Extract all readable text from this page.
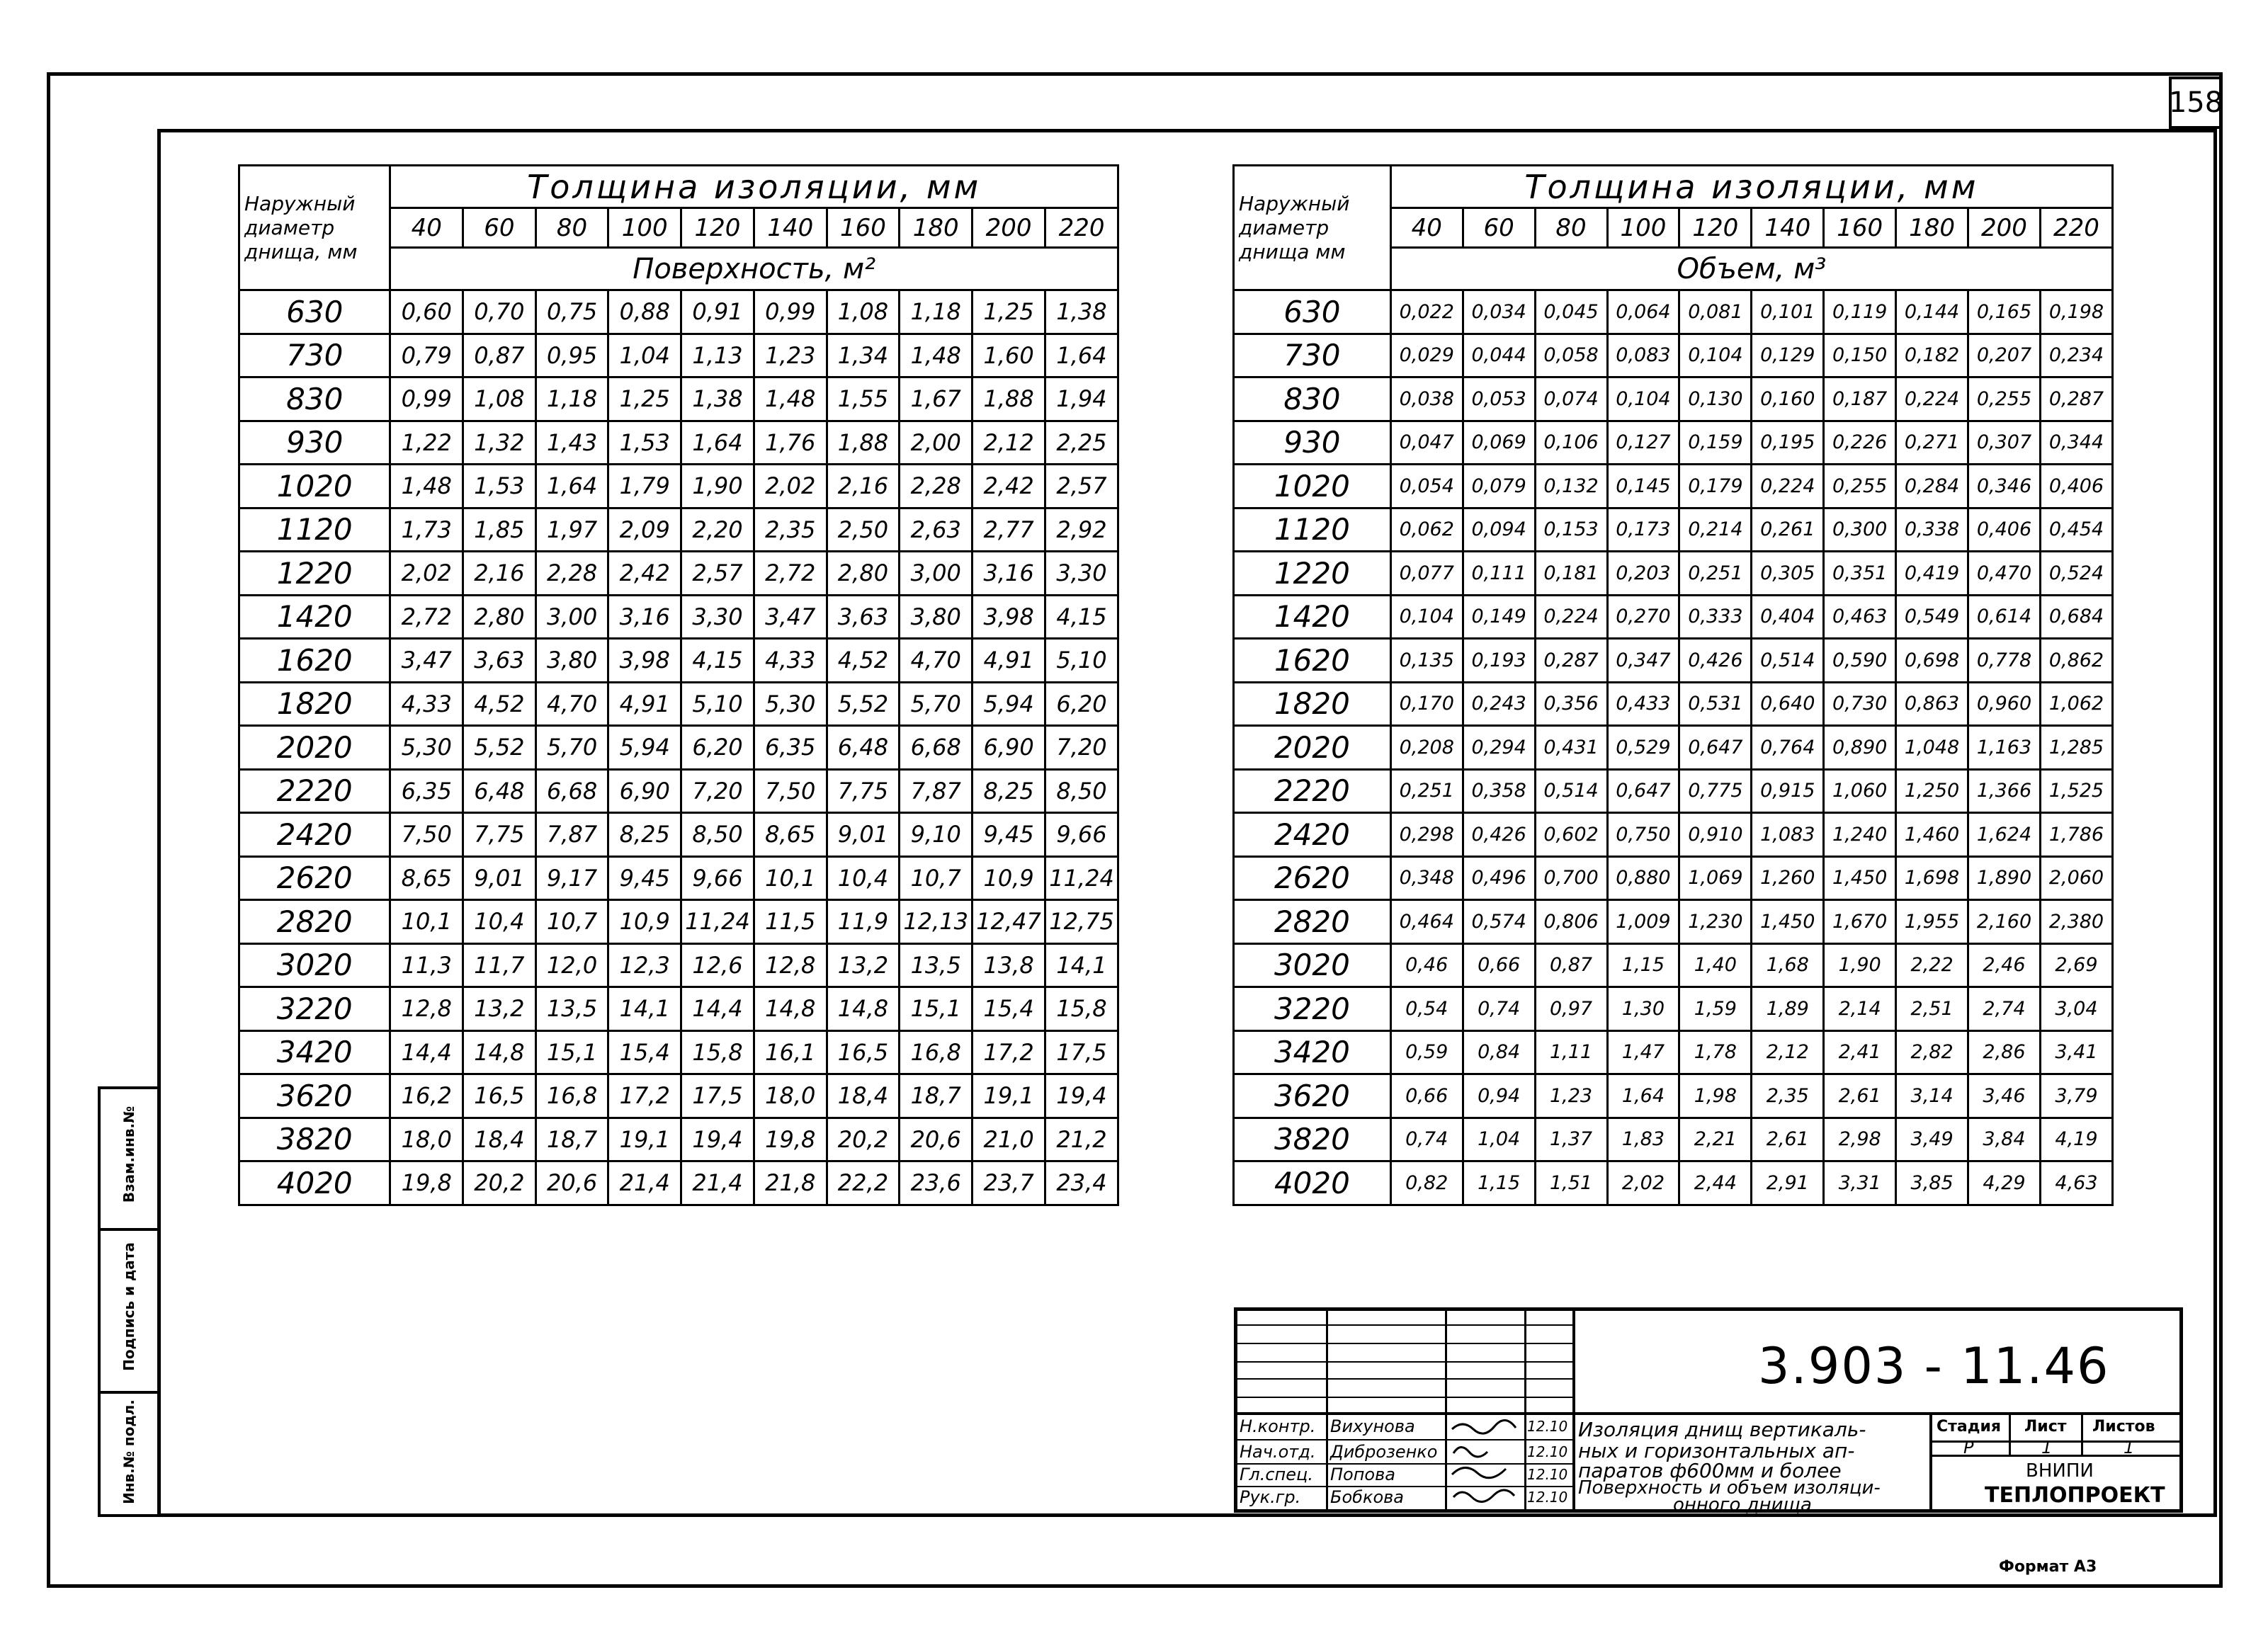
158
Взам.инв.№
Подпись и дата
Инв.№ подл.
Наружный диаметр днища, мм	Толщина изоляции, мм									
	40	60	80	100	120	140	160	180	200	220
	Поверхность, м²									
630	0,60	0,70	0,75	0,88	0,91	0,99	1,08	1,18	1,25	1,38
730	0,79	0,87	0,95	1,04	1,13	1,23	1,34	1,48	1,60	1,64
830	0,99	1,08	1,18	1,25	1,38	1,48	1,55	1,67	1,88	1,94
930	1,22	1,32	1,43	1,53	1,64	1,76	1,88	2,00	2,12	2,25
1020	1,48	1,53	1,64	1,79	1,90	2,02	2,16	2,28	2,42	2,57
1120	1,73	1,85	1,97	2,09	2,20	2,35	2,50	2,63	2,77	2,92
1220	2,02	2,16	2,28	2,42	2,57	2,72	2,80	3,00	3,16	3,30
1420	2,72	2,80	3,00	3,16	3,30	3,47	3,63	3,80	3,98	4,15
1620	3,47	3,63	3,80	3,98	4,15	4,33	4,52	4,70	4,91	5,10
1820	4,33	4,52	4,70	4,91	5,10	5,30	5,52	5,70	5,94	6,20
2020	5,30	5,52	5,70	5,94	6,20	6,35	6,48	6,68	6,90	7,20
2220	6,35	6,48	6,68	6,90	7,20	7,50	7,75	7,87	8,25	8,50
2420	7,50	7,75	7,87	8,25	8,50	8,65	9,01	9,10	9,45	9,66
2620	8,65	9,01	9,17	9,45	9,66	10,1	10,4	10,7	10,9	11,24
2820	10,1	10,4	10,7	10,9	11,24	11,5	11,9	12,13	12,47	12,75
3020	11,3	11,7	12,0	12,3	12,6	12,8	13,2	13,5	13,8	14,1
3220	12,8	13,2	13,5	14,1	14,4	14,8	14,8	15,1	15,4	15,8
3420	14,4	14,8	15,1	15,4	15,8	16,1	16,5	16,8	17,2	17,5
3620	16,2	16,5	16,8	17,2	17,5	18,0	18,4	18,7	19,1	19,4
3820	18,0	18,4	18,7	19,1	19,4	19,8	20,2	20,6	21,0	21,2
4020	19,8	20,2	20,6	21,4	21,4	21,8	22,2	23,6	23,7	23,4
Наружный диаметр днища мм	Толщина изоляции, мм									
	40	60	80	100	120	140	160	180	200	220
	Объем, м³									
630	0,022	0,034	0,045	0,064	0,081	0,101	0,119	0,144	0,165	0,198
730	0,029	0,044	0,058	0,083	0,104	0,129	0,150	0,182	0,207	0,234
830	0,038	0,053	0,074	0,104	0,130	0,160	0,187	0,224	0,255	0,287
930	0,047	0,069	0,106	0,127	0,159	0,195	0,226	0,271	0,307	0,344
1020	0,054	0,079	0,132	0,145	0,179	0,224	0,255	0,284	0,346	0,406
1120	0,062	0,094	0,153	0,173	0,214	0,261	0,300	0,338	0,406	0,454
1220	0,077	0,111	0,181	0,203	0,251	0,305	0,351	0,419	0,470	0,524
1420	0,104	0,149	0,224	0,270	0,333	0,404	0,463	0,549	0,614	0,684
1620	0,135	0,193	0,287	0,347	0,426	0,514	0,590	0,698	0,778	0,862
1820	0,170	0,243	0,356	0,433	0,531	0,640	0,730	0,863	0,960	1,062
2020	0,208	0,294	0,431	0,529	0,647	0,764	0,890	1,048	1,163	1,285
2220	0,251	0,358	0,514	0,647	0,775	0,915	1,060	1,250	1,366	1,525
2420	0,298	0,426	0,602	0,750	0,910	1,083	1,240	1,460	1,624	1,786
2620	0,348	0,496	0,700	0,880	1,069	1,260	1,450	1,698	1,890	2,060
2820	0,464	0,574	0,806	1,009	1,230	1,450	1,670	1,955	2,160	2,380
3020	0,46	0,66	0,87	1,15	1,40	1,68	1,90	2,22	2,46	2,69
3220	0,54	0,74	0,97	1,30	1,59	1,89	2,14	2,51	2,74	3,04
3420	0,59	0,84	1,11	1,47	1,78	2,12	2,41	2,82	2,86	3,41
3620	0,66	0,94	1,23	1,64	1,98	2,35	2,61	3,14	3,46	3,79
3820	0,74	1,04	1,37	1,83	2,21	2,61	2,98	3,49	3,84	4,19
4020	0,82	1,15	1,51	2,02	2,44	2,91	3,31	3,85	4,29	4,63
3.903 - 11.46
Н.контр.
Нач.отд.
Гл.спец.
Рук.гр.
Вихунова
Диброзенко
Попова
Бобкова
12.10
12.10
12.10
12.10
Изоляция днищ вертикаль-
ных и горизонтальных ап-
паратов ф600мм и более
Поверхность и объем изоляци-
онного днища
Стадия Лист Листов
Р	1	1
ВНИПИ
ТЕПЛОПРОЕКТ
Формат А3
